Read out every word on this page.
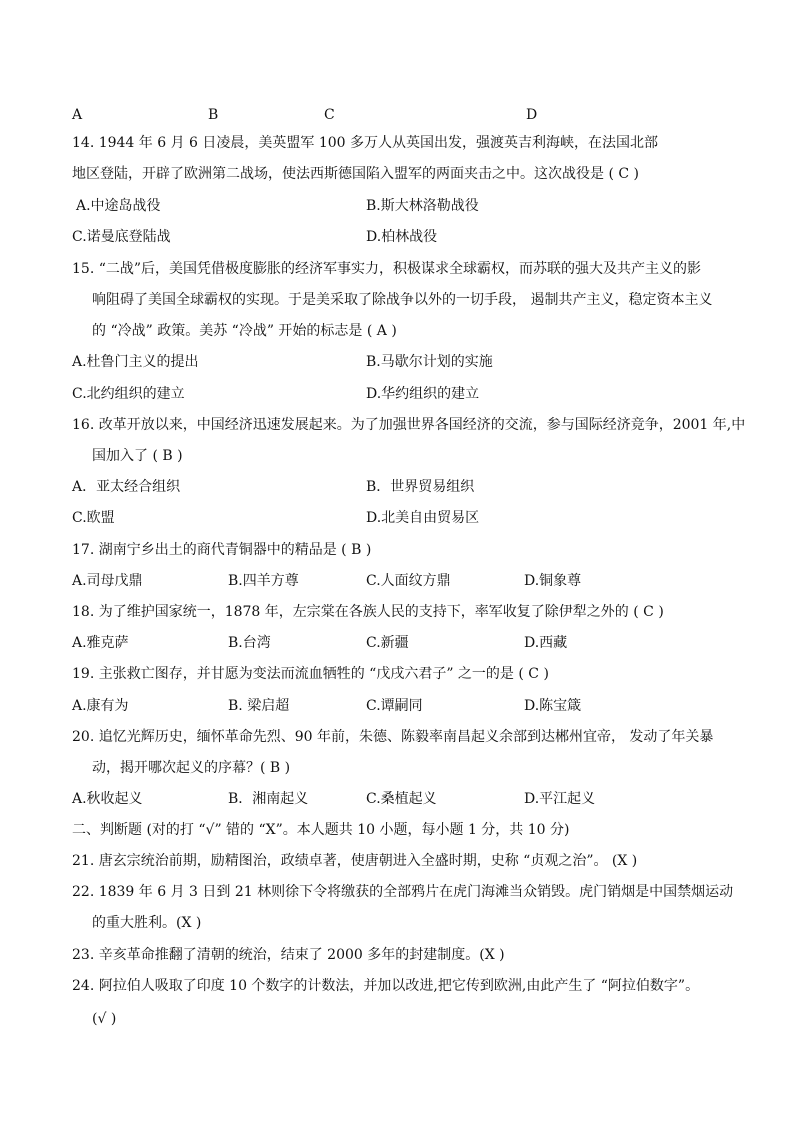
A	B	C	D
14. 1944 年 6 月 6 日凌晨，美英盟军 100 多万人从英国出发，强渡英吉利海峡，在法国北部
地区登陆，开辟了欧洲第二战场，使法西斯德国陷入盟军的两面夹击之中。这次战役是 ( C )
A.中途岛战役	B.斯大林洛勒战役
C.诺曼底登陆战	D.柏林战役
15. “二战”后，美国凭借极度膨胀的经济军事实力，积极谋求全球霸权，而苏联的强大及共产主义的影
响阻碍了美国全球霸权的实现。于是美采取了除战争以外的一切手段， 遏制共产主义，稳定资本主义
的 “冷战” 政策。美苏 “冷战” 开始的标志是 ( A )
A.杜鲁门主义的提出	B.马歇尔计划的实施
C.北约组织的建立	D.华约组织的建立
16. 改革开放以来，中国经济迅速发展起来。为了加强世界各国经济的交流，参与国际经济竞争，2001 年,中
国加入了 ( B )
A．亚太经合组织	B．世界贸易组织
C.欧盟	D.北美自由贸易区
17. 湖南宁乡出土的商代青铜器中的精品是 ( B )
A.司母戊鼎	B.四羊方尊	C.人面纹方鼎	D.铜象尊
18. 为了维护国家统一，1878 年，左宗棠在各族人民的支持下，率军收复了除伊犁之外的 ( C )
A.雅克萨	B.台湾	C.新疆	D.西藏
19. 主张救亡图存，并甘愿为变法而流血牺牲的 “戊戌六君子” 之一的是 ( C )
A.康有为	B. 梁启超	C.谭嗣同	D.陈宝箴
20. 追忆光辉历史，缅怀革命先烈、90 年前，朱德、陈毅率南昌起义余部到达郴州宜帝， 发动了年关暴
动，揭开哪次起义的序幕？( B )
A.秋收起义	B．湘南起义	C.桑植起义	D.平江起义
二、判断题 (对的打 “√” 错的 “X”。本人题共 10 小题，每小题 1 分，共 10 分)
21. 唐玄宗统治前期，励精图治，政绩卓著，使唐朝进入全盛时期，史称 “贞观之治”。 (X )
22. 1839 年 6 月 3 日到 21 林则徐下令将缴获的全部鸦片在虎门海滩当众销毁。虎门销烟是中国禁烟运动
的重大胜利。(X )
23. 辛亥革命推翻了清朝的统治，结束了 2000 多年的封建制度。(X )
24. 阿拉伯人吸取了印度 10 个数字的计数法，并加以改进,把它传到欧洲,由此产生了 “阿拉伯数字”。
(√ )
